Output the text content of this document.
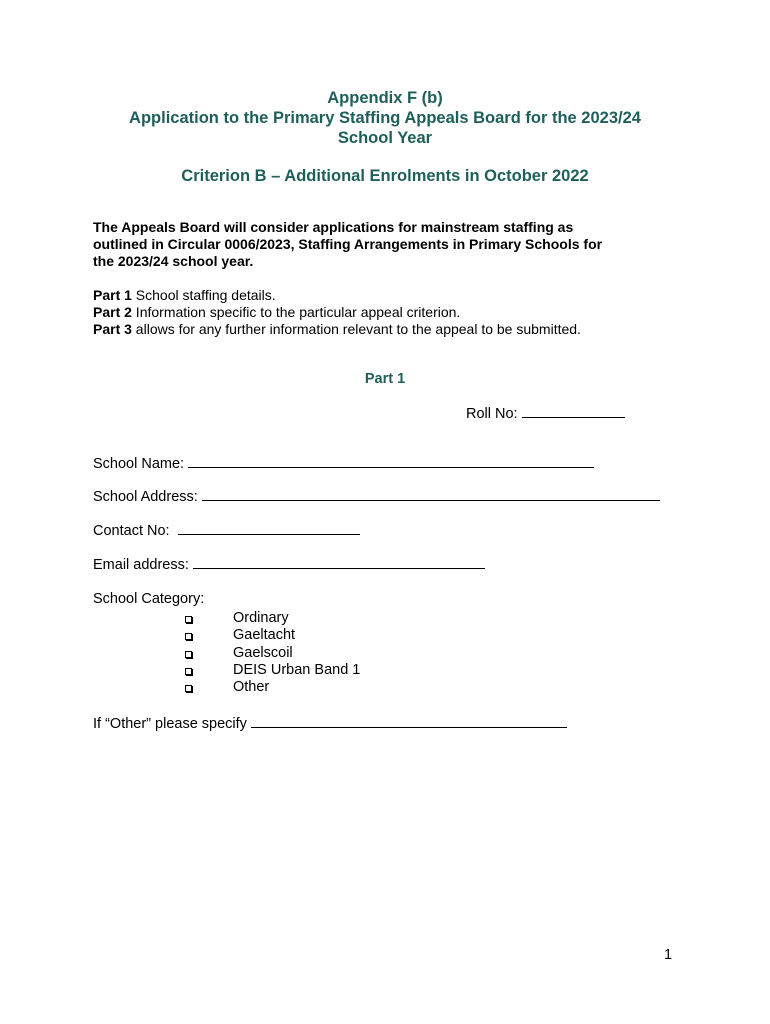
Appendix F (b)
Application to the Primary Staffing Appeals Board for the 2023/24
School Year
Criterion B – Additional Enrolments in October 2022
The Appeals Board will consider applications for mainstream staffing as
outlined in Circular 0006/2023, Staffing Arrangements in Primary Schools for
the 2023/24 school year.
Part 1 School staffing details.
Part 2 Information specific to the particular appeal criterion.
Part 3 allows for any further information relevant to the appeal to be submitted.
Part 1
Roll No:
School Name:
School Address:
Contact No:
Email address:
School Category:
Ordinary
Gaeltacht
Gaelscoil
DEIS Urban Band 1
Other
If “Other” please specify
1
